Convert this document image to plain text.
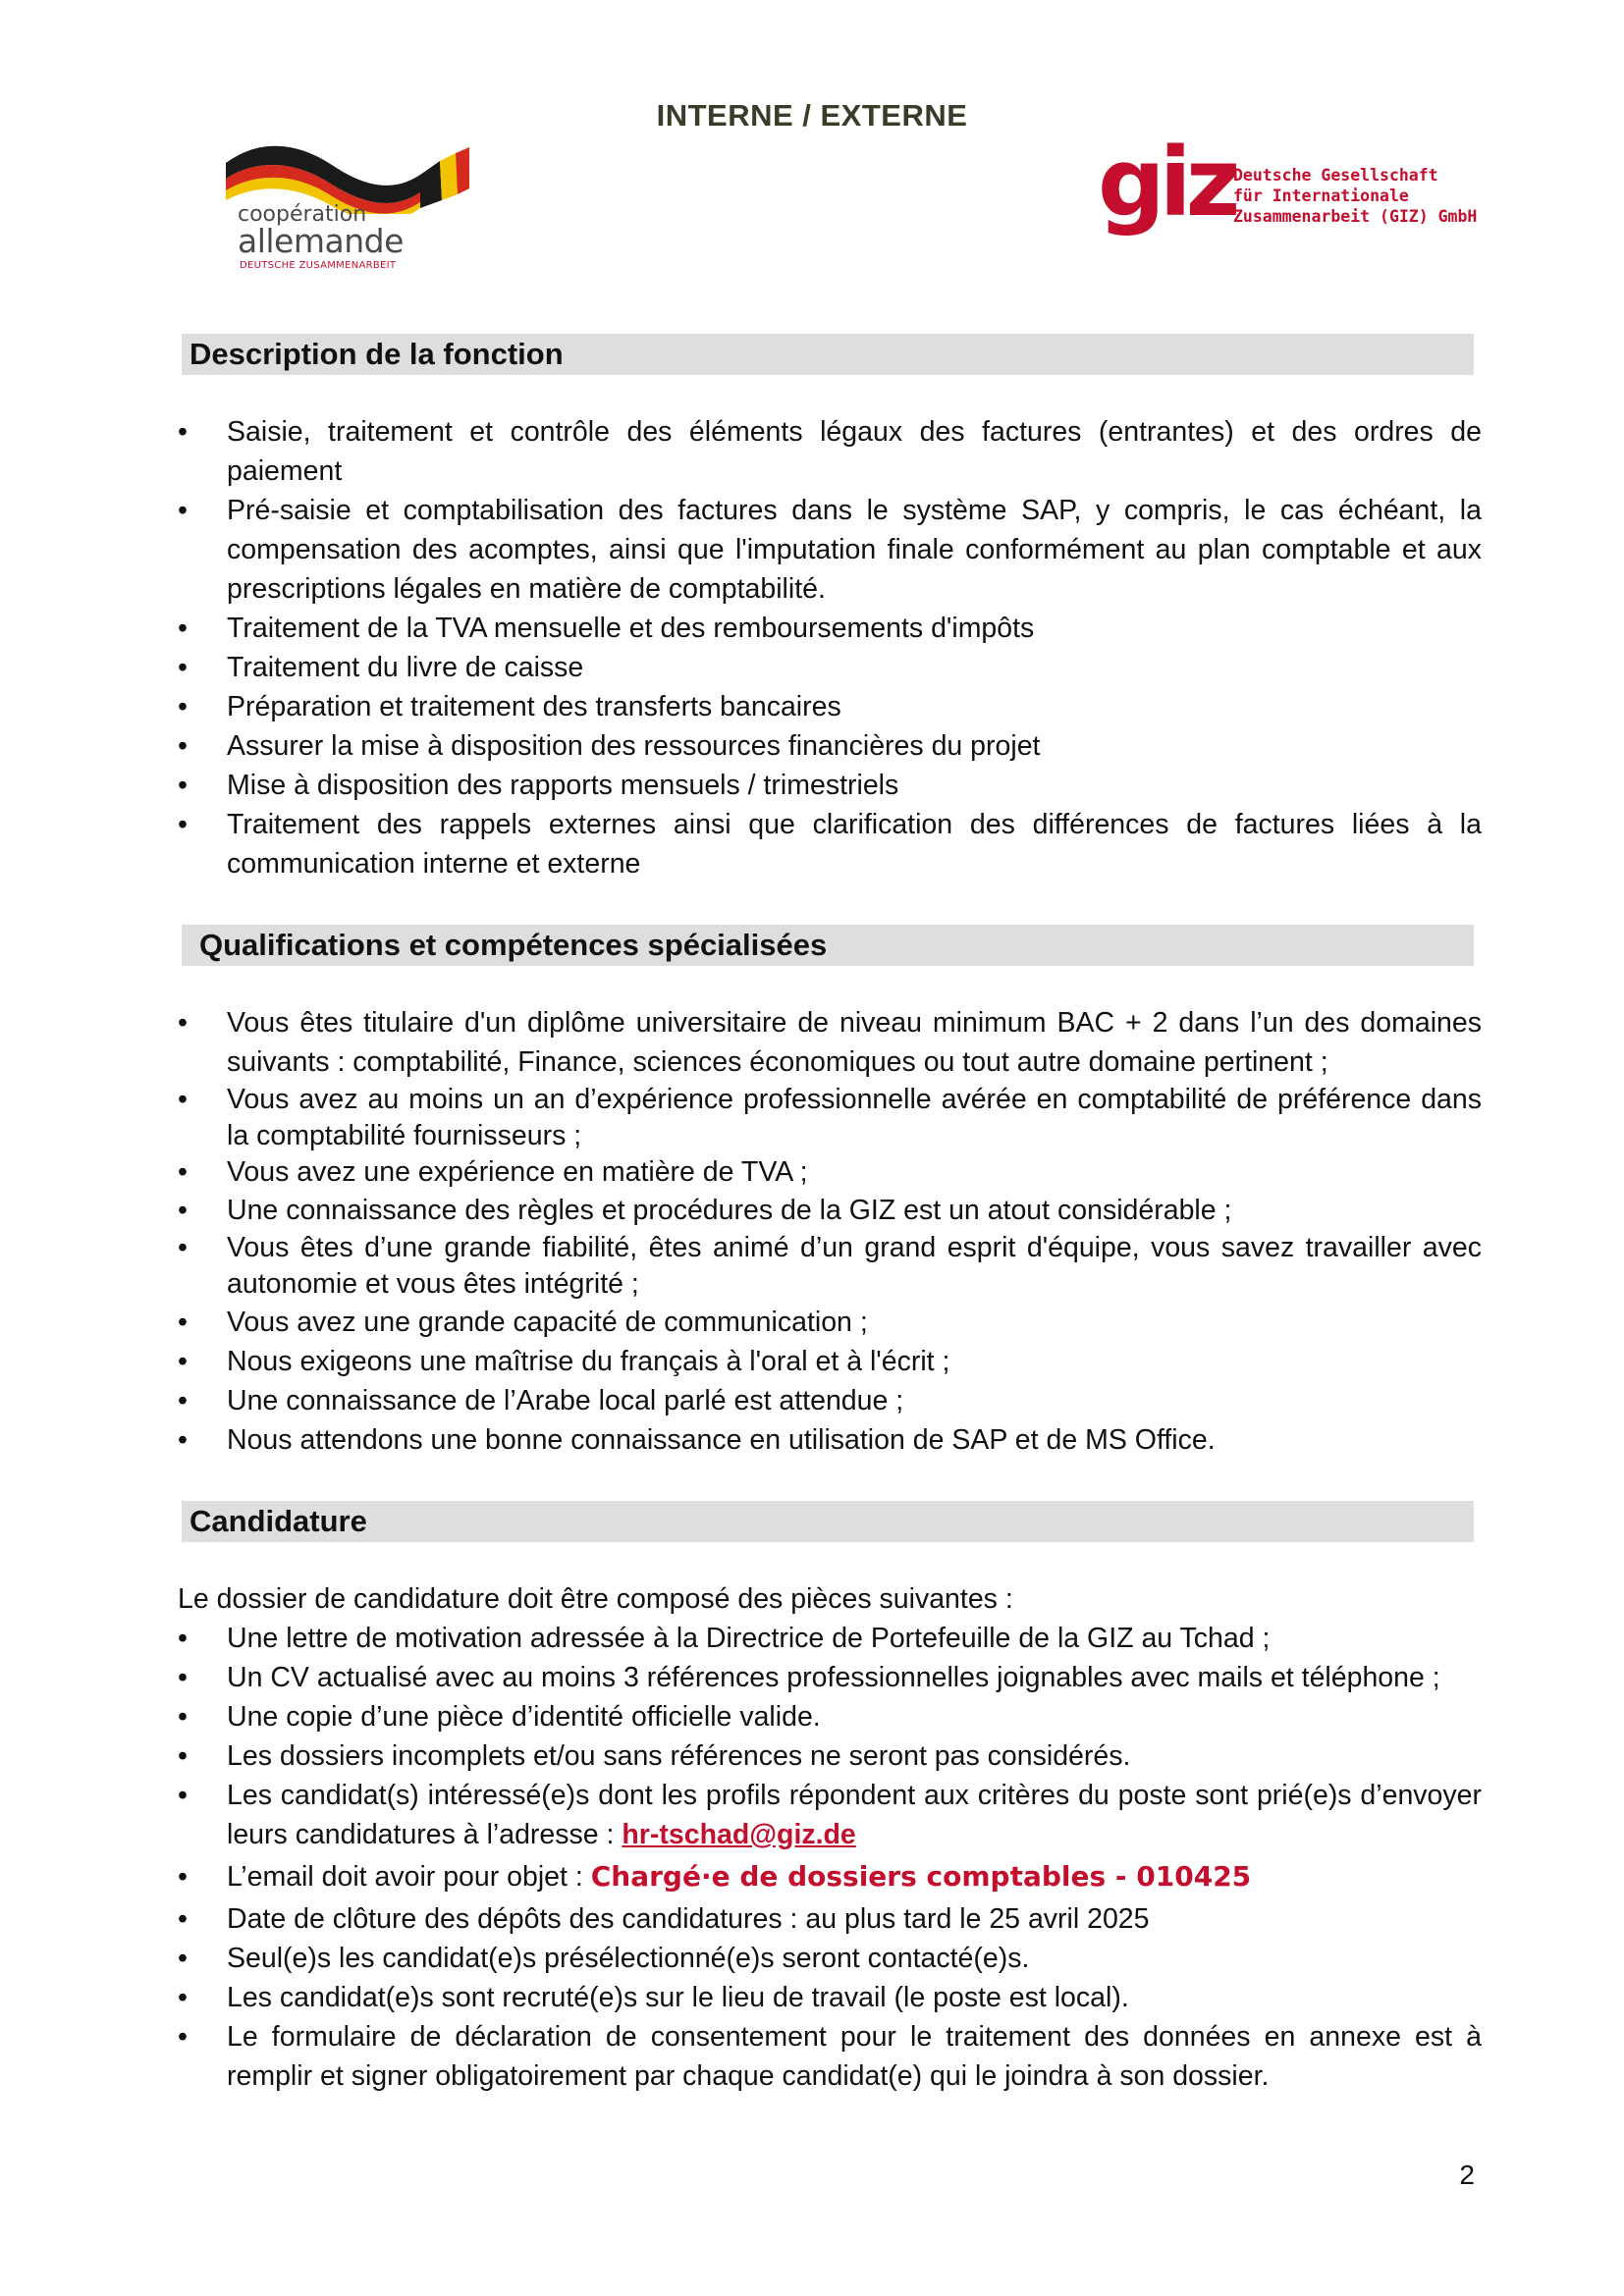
INTERNE / EXTERNE
coopération
allemande
DEUTSCHE ZUSAMMENARBEIT
giz
Deutsche Gesellschaft
für Internationale
Zusammenarbeit (GIZ) GmbH
Description de la fonction
• Saisie, traitement et contrôle des éléments légaux des factures (entrantes) et des ordres de paiement
• Pré-saisie et comptabilisation des factures dans le système SAP, y compris, le cas échéant, la compensation des acomptes, ainsi que l'imputation finale conformément au plan comptable et aux prescriptions légales en matière de comptabilité.
• Traitement de la TVA mensuelle et des remboursements d'impôts
• Traitement du livre de caisse
• Préparation et traitement des transferts bancaires
• Assurer la mise à disposition des ressources financières du projet
• Mise à disposition des rapports mensuels / trimestriels
• Traitement des rappels externes ainsi que clarification des différences de factures liées à la communication interne et externe
Qualifications et compétences spécialisées
• Vous êtes titulaire d'un diplôme universitaire de niveau minimum BAC + 2 dans l’un des domaines suivants : comptabilité, Finance, sciences économiques ou tout autre domaine pertinent ;
• Vous avez au moins un an d’expérience professionnelle avérée en comptabilité de préférence dans la comptabilité fournisseurs ;
• Vous avez une expérience en matière de TVA ;
• Une connaissance des règles et procédures de la GIZ est un atout considérable ;
• Vous êtes d’une grande fiabilité, êtes animé d’un grand esprit d'équipe, vous savez travailler avec autonomie et vous êtes intégrité ;
• Vous avez une grande capacité de communication ;
• Nous exigeons une maîtrise du français à l'oral et à l'écrit ;
• Une connaissance de l’Arabe local parlé est attendue ;
• Nous attendons une bonne connaissance en utilisation de SAP et de MS Office.
Candidature
Le dossier de candidature doit être composé des pièces suivantes :
• Une lettre de motivation adressée à la Directrice de Portefeuille de la GIZ au Tchad ;
• Un CV actualisé avec au moins 3 références professionnelles joignables avec mails et téléphone ;
• Une copie d’une pièce d’identité officielle valide.
• Les dossiers incomplets et/ou sans références ne seront pas considérés.
• Les candidat(s) intéressé(e)s dont les profils répondent aux critères du poste sont prié(e)s d’envoyer leurs candidatures à l’adresse : hr-tschad@giz.de
• L’email doit avoir pour objet : Chargé·e de dossiers comptables - 010425
• Date de clôture des dépôts des candidatures : au plus tard le 25 avril 2025
• Seul(e)s les candidat(e)s présélectionné(e)s seront contacté(e)s.
• Les candidat(e)s sont recruté(e)s sur le lieu de travail (le poste est local).
• Le formulaire de déclaration de consentement pour le traitement des données en annexe est à remplir et signer obligatoirement par chaque candidat(e) qui le joindra à son dossier.
2
